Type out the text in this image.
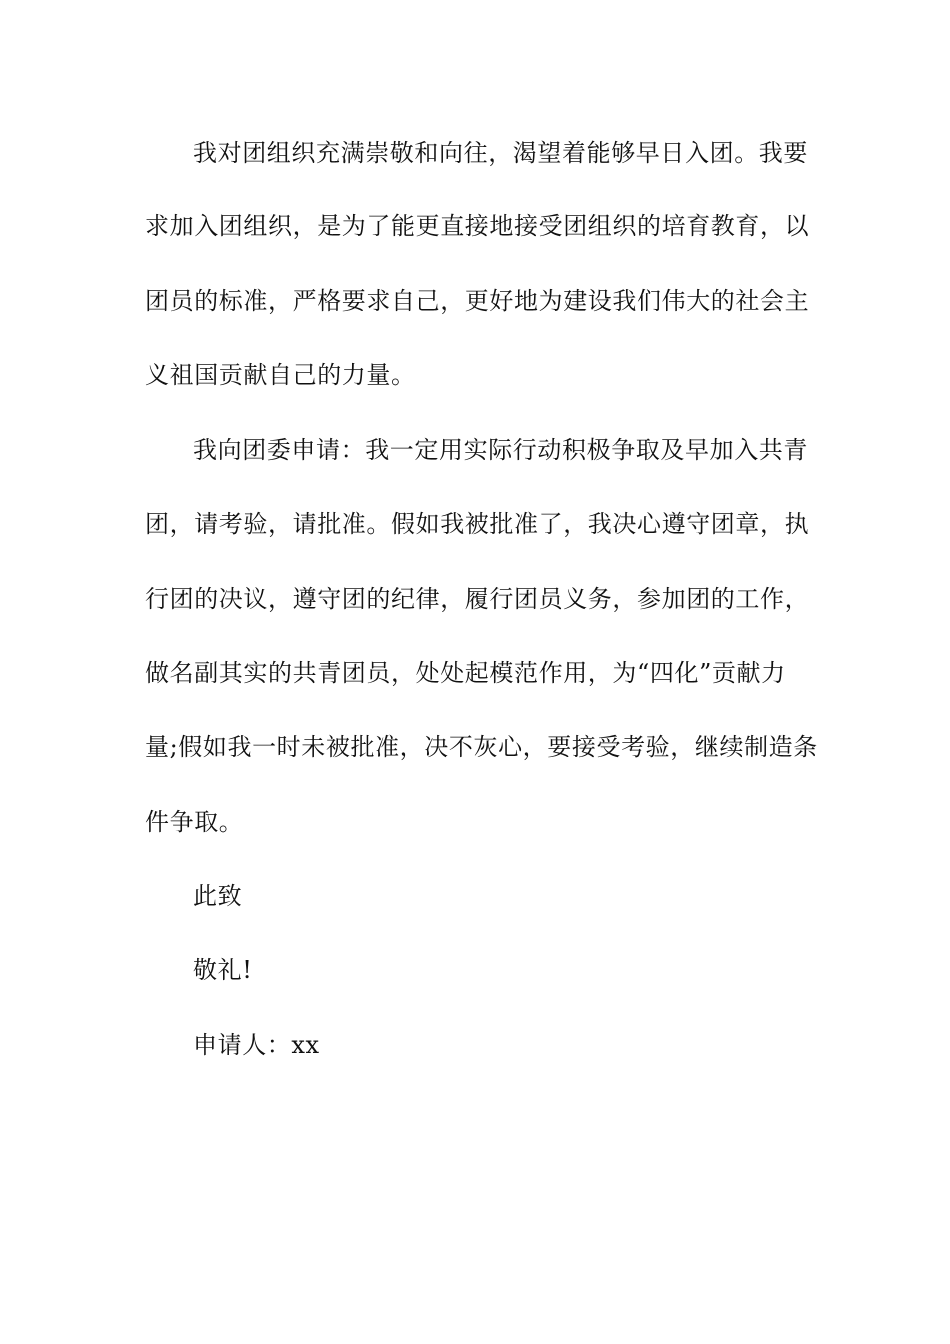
我对团组织充满崇敬和向往，渴望着能够早日入团。我要
求加入团组织，是为了能更直接地接受团组织的培育教育，以
团员的标准，严格要求自己，更好地为建设我们伟大的社会主
义祖国贡献自己的力量。
我向团委申请：我一定用实际行动积极争取及早加入共青
团，请考验，请批准。假如我被批准了，我决心遵守团章，执
行团的决议，遵守团的纪律，履行团员义务，参加团的工作，
做名副其实的共青团员，处处起模范作用，为“四化”贡献力
量;假如我一时未被批准，决不灰心，要接受考验，继续制造条
件争取。
此致
敬礼!
申请人：xx
